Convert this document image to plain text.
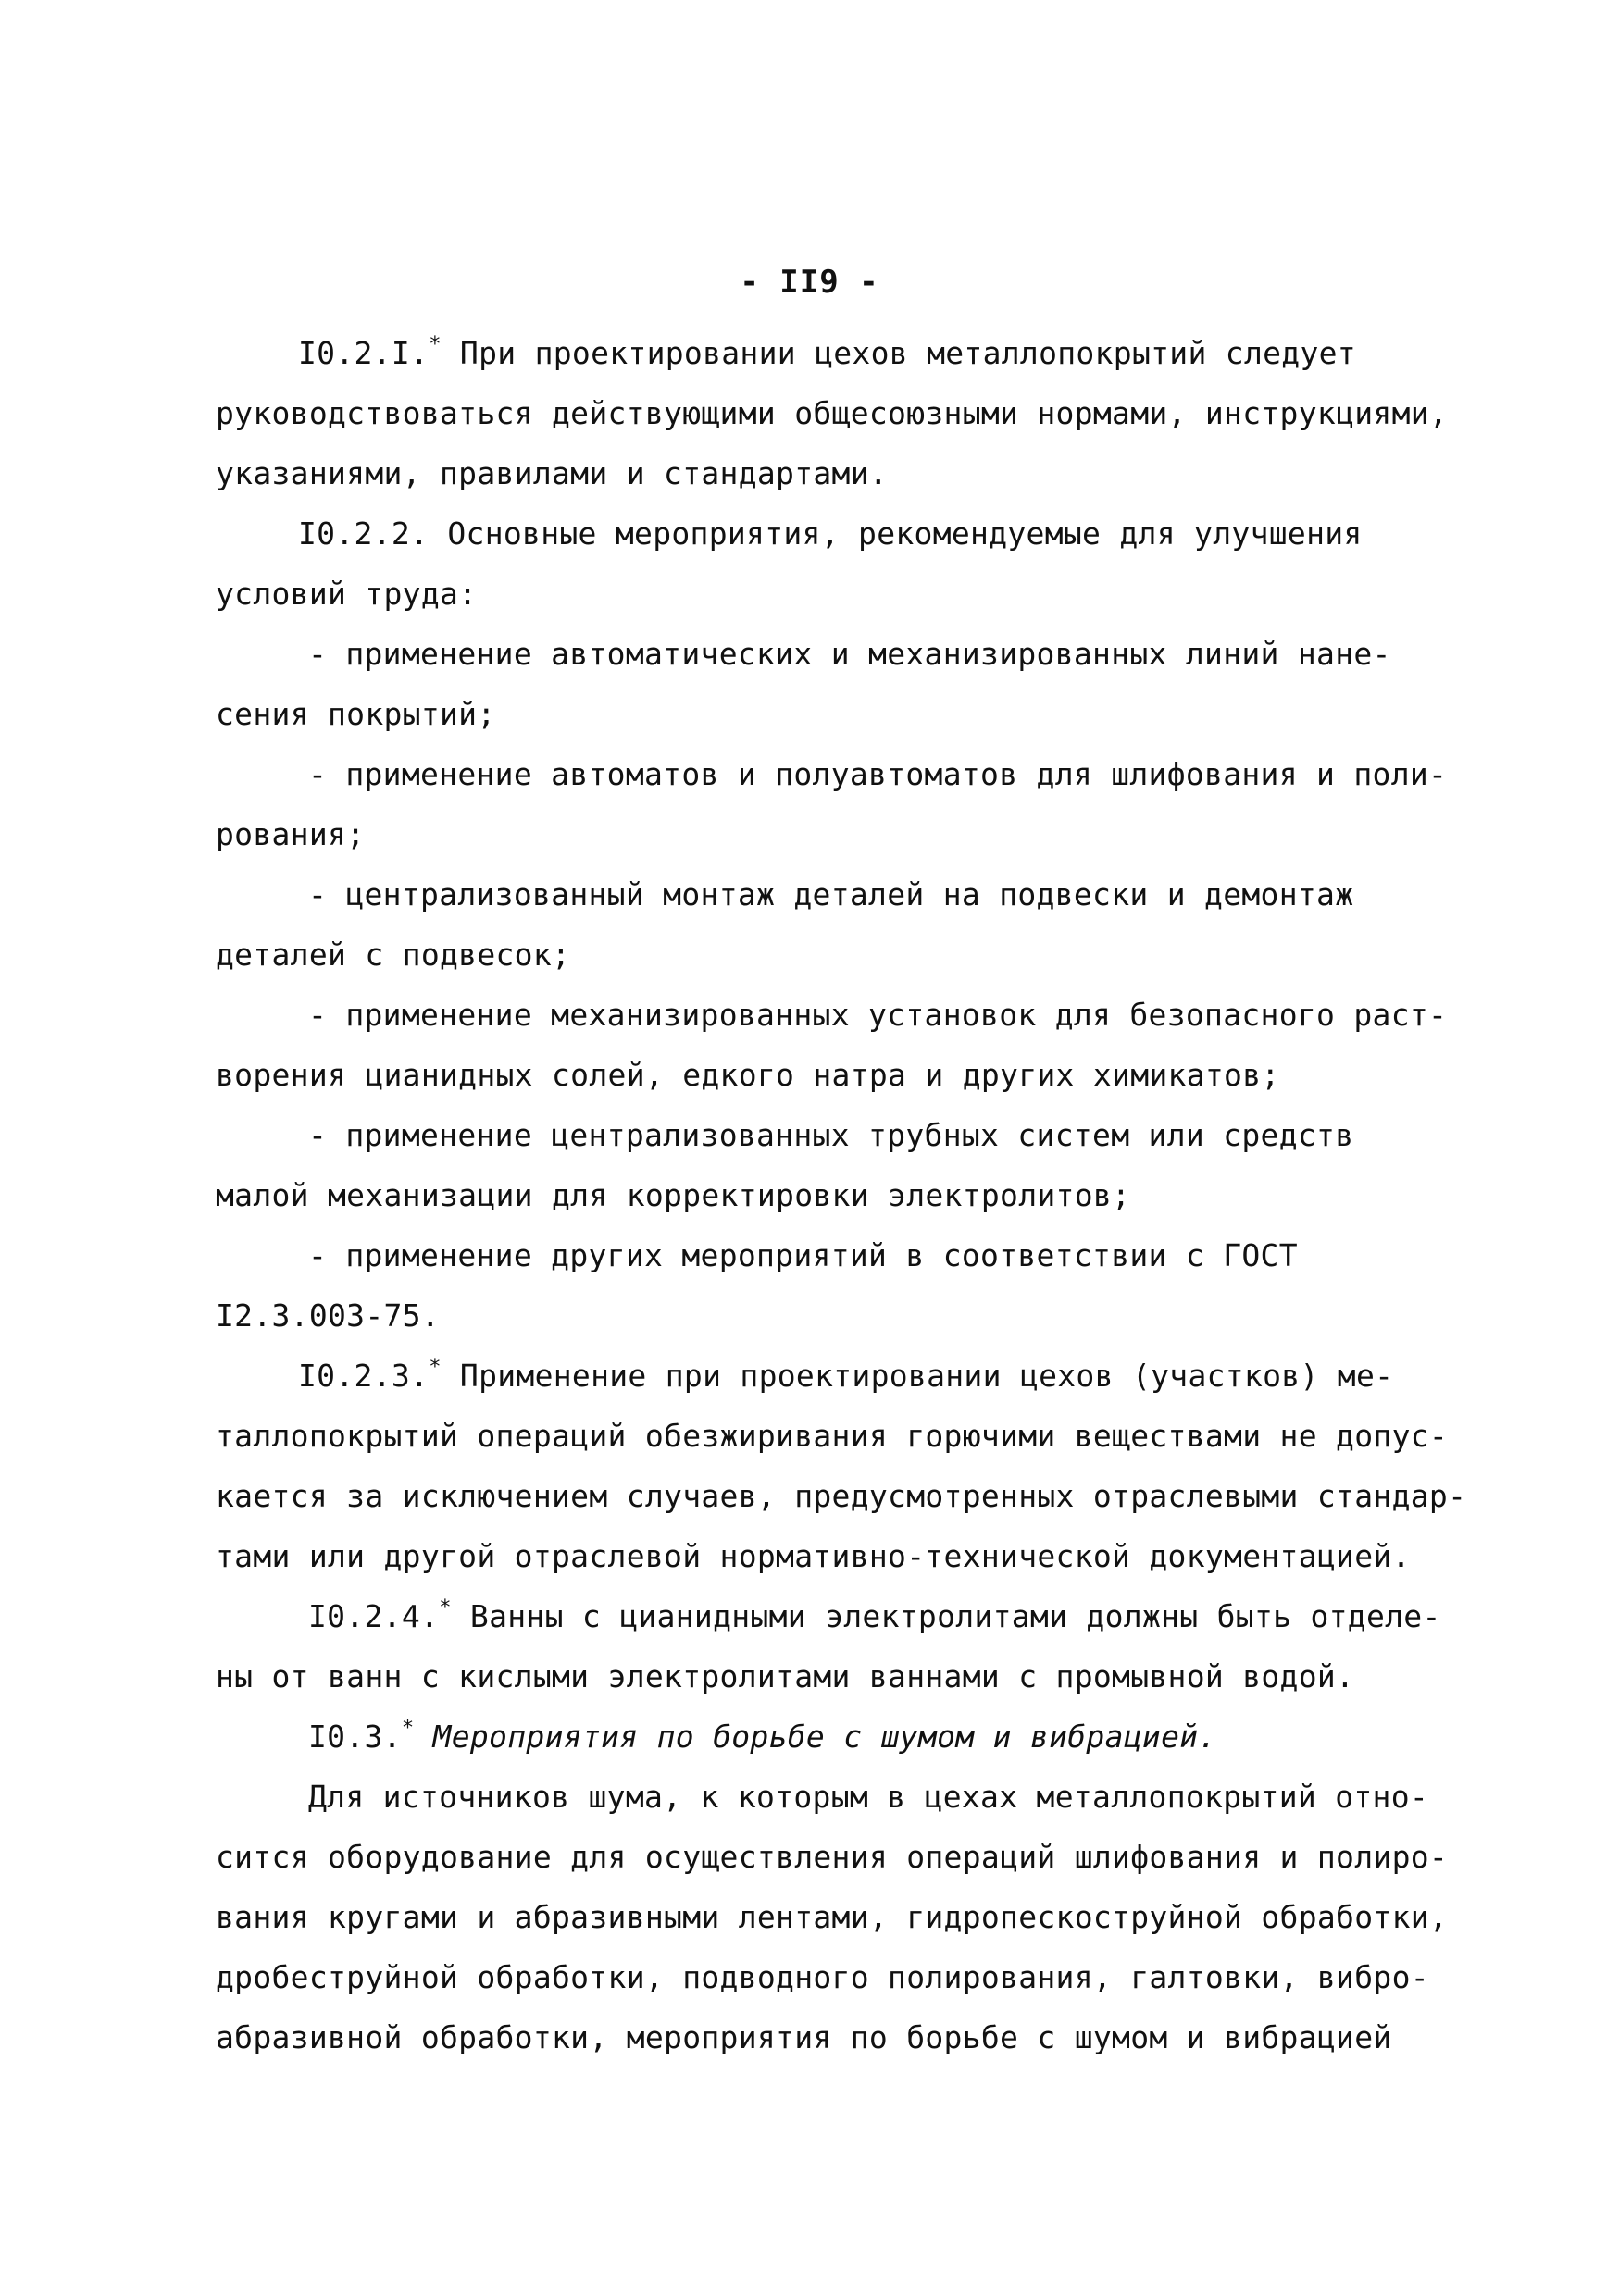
- II9 -
I0.2.I.* При проектировании цехов металлопокрытий следует
руководствоваться действующими общесоюзными нормами, инструкциями,
указаниями, правилами и стандартами.
I0.2.2. Основные мероприятия, рекомендуемые для улучшения
условий труда:
- применение автоматических и механизированных линий нане-
сения покрытий;
- применение автоматов и полуавтоматов для шлифования и поли-
рования;
- централизованный монтаж деталей на подвески и демонтаж
деталей с подвесок;
- применение механизированных установок для безопасного раст-
ворения цианидных солей, едкого натра и других химикатов;
- применение централизованных трубных систем или средств
малой механизации для корректировки электролитов;
- применение других мероприятий в соответствии с ГОСТ
I2.3.003-75.
I0.2.3.* Применение при проектировании цехов (участков) ме-
таллопокрытий операций обезжиривания горючими веществами не допус-
кается за исключением случаев, предусмотренных отраслевыми стандар-
тами или другой отраслевой нормативно-технической документацией.
I0.2.4.* Ванны с цианидными электролитами должны быть отделе-
ны от ванн с кислыми электролитами ваннами с промывной водой.
I0.3.* Мероприятия по борьбе с шумом и вибрацией.
Для источников шума, к которым в цехах металлопокрытий отно-
сится оборудование для осуществления операций шлифования и полиро-
вания кругами и абразивными лентами, гидропескоструйной обработки,
дробеструйной обработки, подводного полирования, галтовки, вибро-
абразивной обработки, мероприятия по борьбе с шумом и вибрацией
